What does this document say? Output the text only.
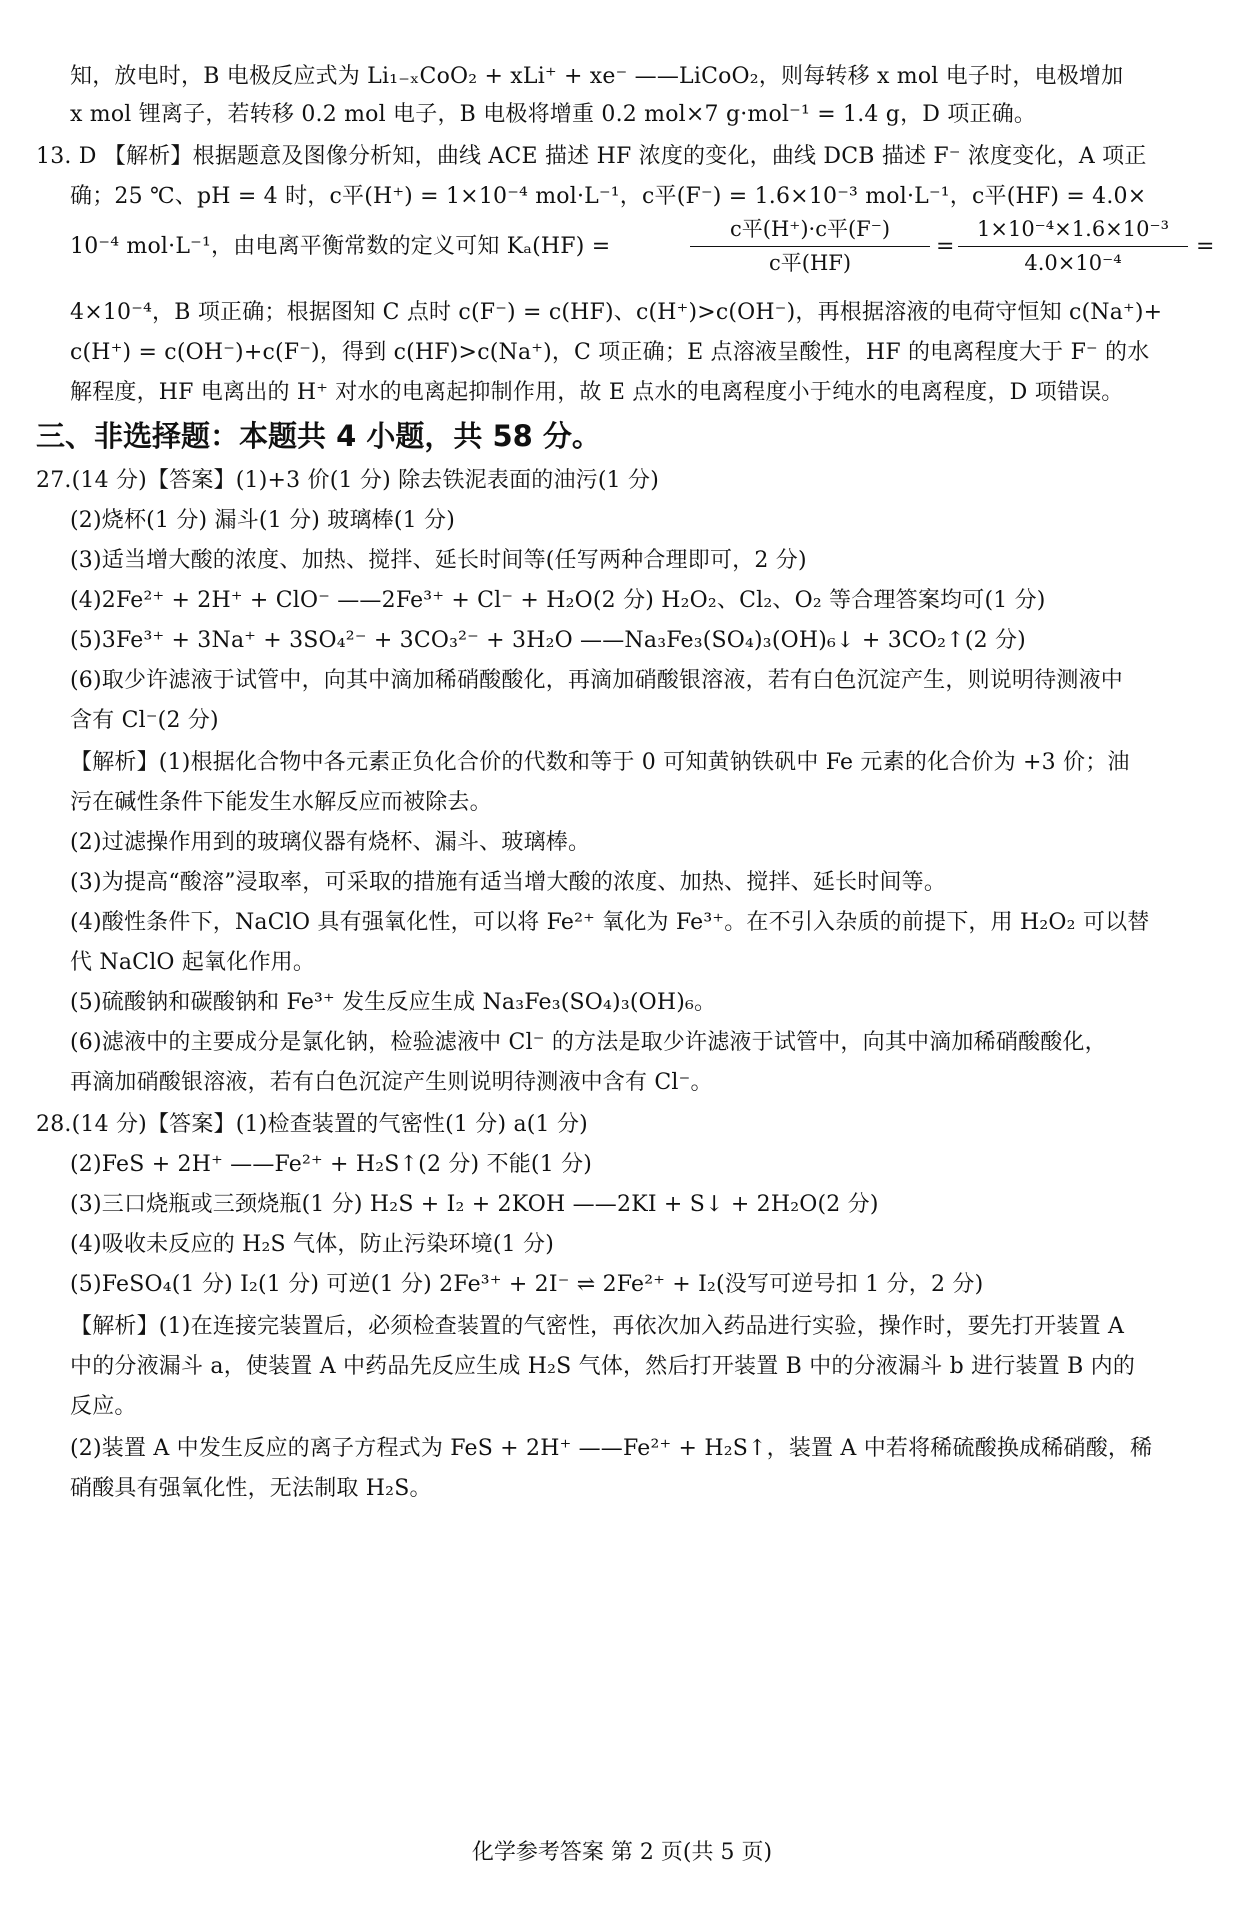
知，放电时，B 电极反应式为 Li₁₋ₓCoO₂ + xLi⁺ + xe⁻ ——LiCoO₂，则每转移 x mol 电子时，电极增加
x mol 锂离子，若转移 0.2 mol 电子，B 电极将增重 0.2 mol×7 g·mol⁻¹ = 1.4 g，D 项正确。
13. D 【解析】根据题意及图像分析知，曲线 ACE 描述 HF 浓度的变化，曲线 DCB 描述 F⁻ 浓度变化，A 项正
确；25 ℃、pH = 4 时，c平(H⁺) = 1×10⁻⁴ mol·L⁻¹，c平(F⁻) = 1.6×10⁻³ mol·L⁻¹，c平(HF) = 4.0×
10⁻⁴ mol·L⁻¹，由电离平衡常数的定义可知 Kₐ(HF) =
c平(H⁺)·c平(F⁻)
c平(HF)
=
1×10⁻⁴×1.6×10⁻³
4.0×10⁻⁴
=
4×10⁻⁴，B 项正确；根据图知 C 点时 c(F⁻) = c(HF)、c(H⁺)>c(OH⁻)，再根据溶液的电荷守恒知 c(Na⁺)+
c(H⁺) = c(OH⁻)+c(F⁻)，得到 c(HF)>c(Na⁺)，C 项正确；E 点溶液呈酸性，HF 的电离程度大于 F⁻ 的水
解程度，HF 电离出的 H⁺ 对水的电离起抑制作用，故 E 点水的电离程度小于纯水的电离程度，D 项错误。
三、非选择题：本题共 4 小题，共 58 分。
27.(14 分)【答案】(1)+3 价(1 分) 除去铁泥表面的油污(1 分)
(2)烧杯(1 分) 漏斗(1 分) 玻璃棒(1 分)
(3)适当增大酸的浓度、加热、搅拌、延长时间等(任写两种合理即可，2 分)
(4)2Fe²⁺ + 2H⁺ + ClO⁻ ——2Fe³⁺ + Cl⁻ + H₂O(2 分) H₂O₂、Cl₂、O₂ 等合理答案均可(1 分)
(5)3Fe³⁺ + 3Na⁺ + 3SO₄²⁻ + 3CO₃²⁻ + 3H₂O ——Na₃Fe₃(SO₄)₃(OH)₆↓ + 3CO₂↑(2 分)
(6)取少许滤液于试管中，向其中滴加稀硝酸酸化，再滴加硝酸银溶液，若有白色沉淀产生，则说明待测液中
含有 Cl⁻(2 分)
【解析】(1)根据化合物中各元素正负化合价的代数和等于 0 可知黄钠铁矾中 Fe 元素的化合价为 +3 价；油
污在碱性条件下能发生水解反应而被除去。
(2)过滤操作用到的玻璃仪器有烧杯、漏斗、玻璃棒。
(3)为提高“酸溶”浸取率，可采取的措施有适当增大酸的浓度、加热、搅拌、延长时间等。
(4)酸性条件下，NaClO 具有强氧化性，可以将 Fe²⁺ 氧化为 Fe³⁺。在不引入杂质的前提下，用 H₂O₂ 可以替
代 NaClO 起氧化作用。
(5)硫酸钠和碳酸钠和 Fe³⁺ 发生反应生成 Na₃Fe₃(SO₄)₃(OH)₆。
(6)滤液中的主要成分是氯化钠，检验滤液中 Cl⁻ 的方法是取少许滤液于试管中，向其中滴加稀硝酸酸化，
再滴加硝酸银溶液，若有白色沉淀产生则说明待测液中含有 Cl⁻。
28.(14 分)【答案】(1)检查装置的气密性(1 分) a(1 分)
(2)FeS + 2H⁺ ——Fe²⁺ + H₂S↑(2 分) 不能(1 分)
(3)三口烧瓶或三颈烧瓶(1 分) H₂S + I₂ + 2KOH ——2KI + S↓ + 2H₂O(2 分)
(4)吸收未反应的 H₂S 气体，防止污染环境(1 分)
(5)FeSO₄(1 分) I₂(1 分) 可逆(1 分) 2Fe³⁺ + 2I⁻ ⇌ 2Fe²⁺ + I₂(没写可逆号扣 1 分，2 分)
【解析】(1)在连接完装置后，必须检查装置的气密性，再依次加入药品进行实验，操作时，要先打开装置 A
中的分液漏斗 a，使装置 A 中药品先反应生成 H₂S 气体，然后打开装置 B 中的分液漏斗 b 进行装置 B 内的
反应。
(2)装置 A 中发生反应的离子方程式为 FeS + 2H⁺ ——Fe²⁺ + H₂S↑，装置 A 中若将稀硫酸换成稀硝酸，稀
硝酸具有强氧化性，无法制取 H₂S。
化学参考答案 第 2 页(共 5 页)
